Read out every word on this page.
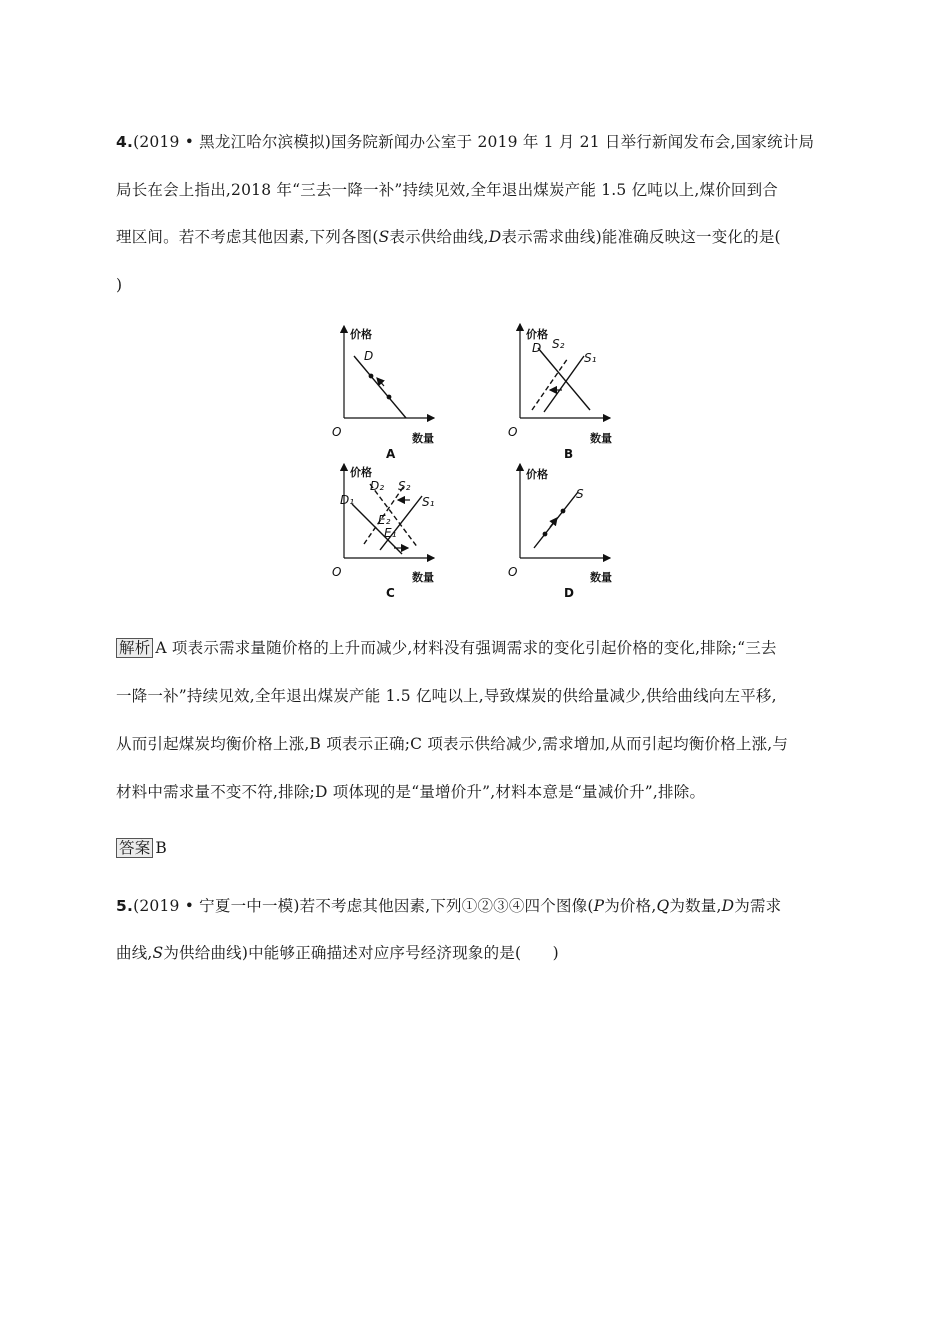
4.(2019 • 黑龙江哈尔滨模拟)国务院新闻办公室于 2019 年 1 月 21 日举行新闻发布会,国家统计局
局长在会上指出,2018 年“三去一降一补”持续见效,全年退出煤炭产能 1.5 亿吨以上,煤价回到合
理区间。若不考虑其他因素,下列各图(S表示供给曲线,D表示需求曲线)能准确反映这一变化的是(
)
价格
数量
O
D
A
价格
数量
O
D S₂
S₁
B
价格
数量
O
D₁
D₂ S₂
S₁
E₂
E₁
C
价格
数量
O
S
D
解析 A 项表示需求量随价格的上升而减少,材料没有强调需求的变化引起价格的变化,排除;“三去
一降一补”持续见效,全年退出煤炭产能 1.5 亿吨以上,导致煤炭的供给量减少,供给曲线向左平移,
从而引起煤炭均衡价格上涨,B 项表示正确;C 项表示供给减少,需求增加,从而引起均衡价格上涨,与
材料中需求量不变不符,排除;D 项体现的是“量增价升”,材料本意是“量减价升”,排除。
答案 B
5.(2019 • 宁夏一中一模)若不考虑其他因素,下列①②③④四个图像(P为价格,Q为数量,D为需求
曲线,S为供给曲线)中能够正确描述对应序号经济现象的是(　　)
